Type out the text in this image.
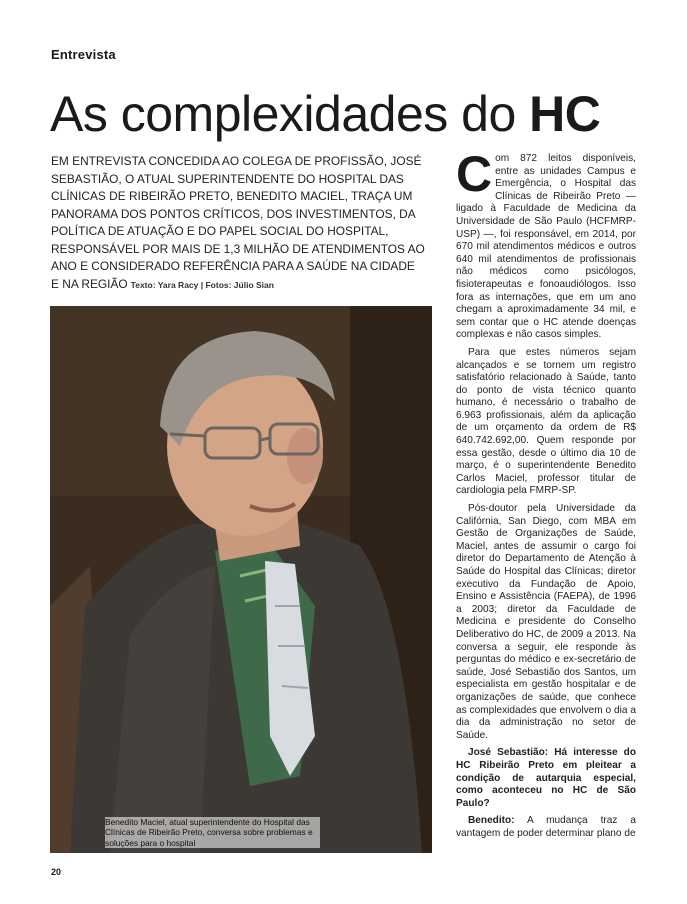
Entrevista
As complexidades do HC

EM ENTREVISTA CONCEDIDA AO COLEGA DE PROFISSÃO, JOSÉ SEBASTIÃO, O ATUAL SUPERINTENDENTE DO HOSPITAL DAS CLÍNICAS DE RIBEIRÃO PRETO, BENEDITO MACIEL, TRAÇA UM PANORAMA DOS PONTOS CRÍTICOS, DOS INVESTIMENTOS, DA POLÍTICA DE ATUAÇÃO E DO PAPEL SOCIAL DO HOSPITAL, RESPONSÁVEL POR MAIS DE 1,3 MILHÃO DE ATENDIMENTOS AO ANO E CONSIDERADO REFERÊNCIA PARA A SAÚDE NA CIDADE E NA REGIÃO Texto: Yara Racy | Fotos: Júlio Sian

Benedito Maciel, atual superintendente do Hospital das Clínicas de Ribeirão Preto, conversa sobre problemas e soluções para o hospital

Com 872 leitos disponíveis, entre as unidades Campus e Emergência, o Hospital das Clínicas de Ribeirão Preto — ligado à Faculdade de Medicina da Universidade de São Paulo (HCFMRP-USP) —, foi responsável, em 2014, por 670 mil atendimentos médicos e outros 640 mil atendimentos de profissionais não médicos como psicólogos, fisioterapeutas e fonoaudiólogos. Isso fora as internações, que em um ano chegam a aproximadamente 34 mil, e sem contar que o HC atende doenças complexas e não casos simples.

Para que estes números sejam alcançados e se tornem um registro satisfatório relacionado à Saúde, tanto do ponto de vista técnico quanto humano, é necessário o trabalho de 6.963 profissionais, além da aplicação de um orçamento da ordem de R$ 640.742.692,00. Quem responde por essa gestão, desde o último dia 10 de março, é o superintendente Benedito Carlos Maciel, professor titular de cardiologia pela FMRP-SP.

Pós-doutor pela Universidade da Califórnia, San Diego, com MBA em Gestão de Organizações de Saúde, Maciel, antes de assumir o cargo foi diretor do Departamento de Atenção à Saúde do Hospital das Clínicas; diretor executivo da Fundação de Apoio, Ensino e Assistência (FAEPA), de 1996 a 2003; diretor da Faculdade de Medicina e presidente do Conselho Deliberativo do HC, de 2009 a 2013. Na conversa a seguir, ele responde às perguntas do médico e ex-secretário de saúde, José Sebastião dos Santos, um especialista em gestão hospitalar e de organizações de saúde, que conhece as complexidades que envolvem o dia a dia da administração no setor de Saúde.

José Sebastião: Há interesse do HC Ribeirão Preto em pleitear a condição de autarquia especial, como aconteceu no HC de São Paulo?

Benedito: A mudança traz a vantagem de poder determinar plano de

20
